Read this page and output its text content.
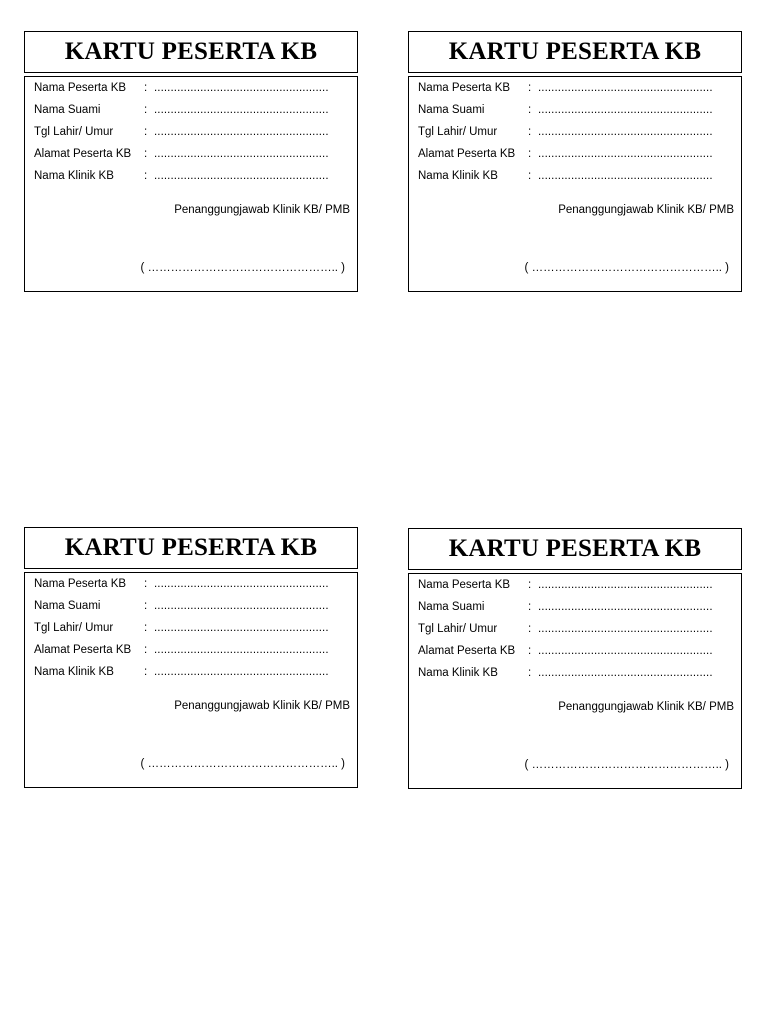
KARTU PESERTA KB
Nama Peserta KB	: .....................................................
Nama Suami	: .....................................................
Tgl Lahir/ Umur	: .....................................................
Alamat Peserta KB	: .....................................................
Nama Klinik KB	: .....................................................
Penanggungjawab Klinik KB/ PMB
( ………………………………………….. )
KARTU PESERTA KB
Nama Peserta KB	: .....................................................
Nama Suami	: .....................................................
Tgl Lahir/ Umur	: .....................................................
Alamat Peserta KB	: .....................................................
Nama Klinik KB	: .....................................................
Penanggungjawab Klinik KB/ PMB
( ………………………………………….. )
KARTU PESERTA KB
Nama Peserta KB	: .....................................................
Nama Suami	: .....................................................
Tgl Lahir/ Umur	: .....................................................
Alamat Peserta KB	: .....................................................
Nama Klinik KB	: .....................................................
Penanggungjawab Klinik KB/ PMB
( ………………………………………….. )
KARTU PESERTA KB
Nama Peserta KB	: .....................................................
Nama Suami	: .....................................................
Tgl Lahir/ Umur	: .....................................................
Alamat Peserta KB	: .....................................................
Nama Klinik KB	: .....................................................
Penanggungjawab Klinik KB/ PMB
( ………………………………………….. )
